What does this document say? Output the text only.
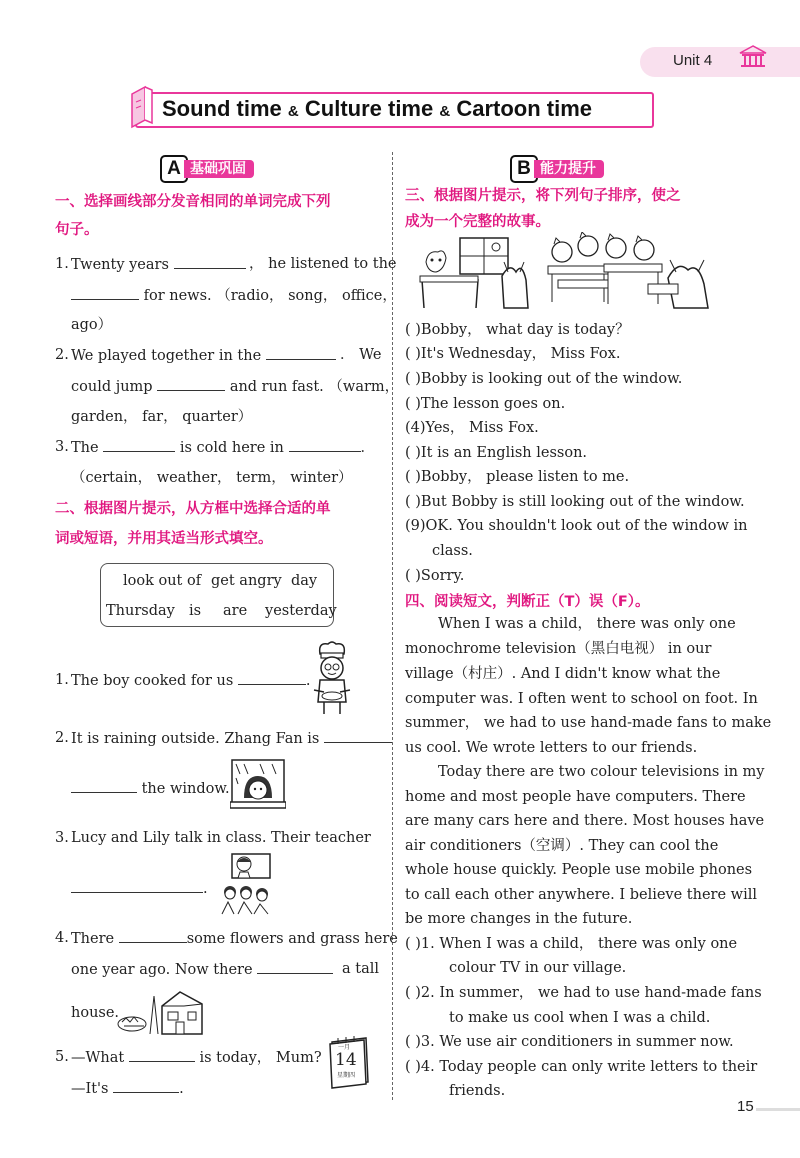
Unit 4
Sound time & Culture time & Cartoon time
A 基础巩固
一、选择画线部分发音相同的单词完成下列
句子。
1. Twenty years	， he listened to the
for news. （radio， song， office，
ago）
2. We played together in the	． We
could jump	and run fast. （warm，
garden， far， quarter）
3. The	is cold here in	．
（certain， weather， term， winter）
二、根据图片提示，从方框中选择合适的单
词或短语，并用其适当形式填空。
look out of get angry day
Thursday is are yesterday
1. The boy cooked for us	.
2. It is raining outside. Zhang Fan is
the window.
3. Lucy and Lily talk in class. Their teacher
.
4. There	some flowers and grass here
one year ago. Now there	a tall
house.
5. —What	is today， Mum?
—It's	.
一月
14
星期四
B 能力提升
三、根据图片提示，将下列句子排序，使之
成为一个完整的故事。
( )Bobby， what day is today？
( )It's Wednesday， Miss Fox.
( )Bobby is looking out of the window.
( )The lesson goes on.
(4)Yes， Miss Fox.
( )It is an English lesson.
( )Bobby， please listen to me.
( )But Bobby is still looking out of the window.
(9)OK. You shouldn't look out of the window in
class.
( )Sorry.
四、阅读短文，判断正（T）误（F）。
When I was a child， there was only one
monochrome television（黑白电视） in our
village（村庄）. And I didn't know what the
computer was. I often went to school on foot. In
summer， we had to use hand-made fans to make
us cool. We wrote letters to our friends.
Today there are two colour televisions in my
home and most people have computers. There
are many cars here and there. Most houses have
air conditioners（空调）. They can cool the
whole house quickly. People use mobile phones
to call each other anywhere. I believe there will
be more changes in the future.
( )1. When I was a child， there was only one
colour TV in our village.
( )2. In summer， we had to use hand-made fans
to make us cool when I was a child.
( )3. We use air conditioners in summer now.
( )4. Today people can only write letters to their
friends.
15
